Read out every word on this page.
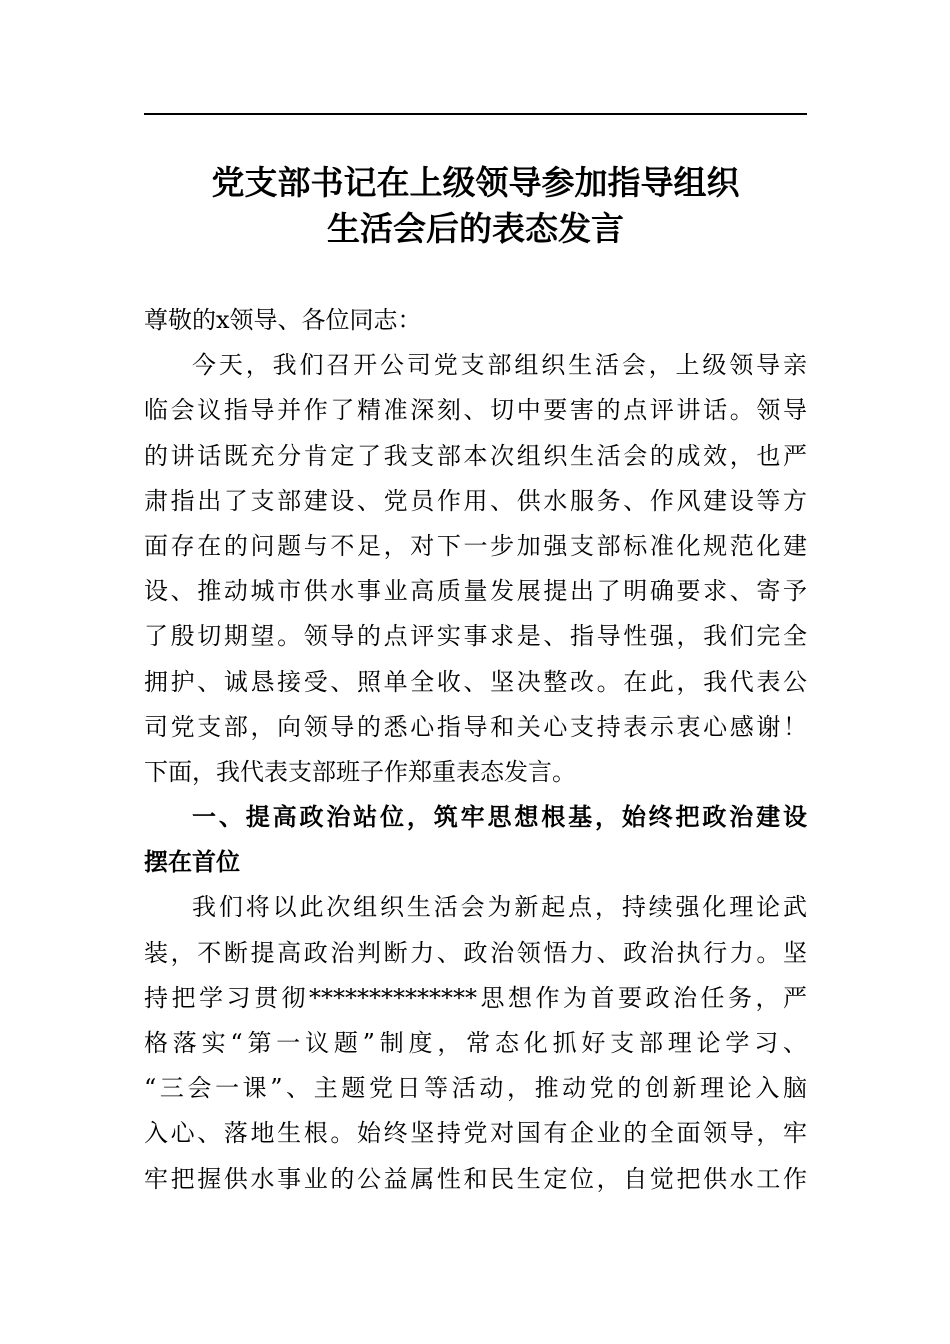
党支部书记在上级领导参加指导组织
生活会后的表态发言
尊敬的x领导、各位同志：
今天，我们召开公司党支部组织生活会，上级领导亲
临会议指导并作了精准深刻、切中要害的点评讲话。领导
的讲话既充分肯定了我支部本次组织生活会的成效，也严
肃指出了支部建设、党员作用、供水服务、作风建设等方
面存在的问题与不足，对下一步加强支部标准化规范化建
设、推动城市供水事业高质量发展提出了明确要求、寄予
了殷切期望。领导的点评实事求是、指导性强，我们完全
拥护、诚恳接受、照单全收、坚决整改。在此，我代表公
司党支部，向领导的悉心指导和关心支持表示衷心感谢！
下面，我代表支部班子作郑重表态发言。
一、提高政治站位，筑牢思想根基，始终把政治建设
摆在首位
我们将以此次组织生活会为新起点，持续强化理论武
装，不断提高政治判断力、政治领悟力、政治执行力。坚
持把学习贯彻**************思想作为首要政治任务，严
格落实“第一议题”制度，常态化抓好支部理论学习、
“三会一课”、主题党日等活动，推动党的创新理论入脑
入心、落地生根。始终坚持党对国有企业的全面领导，牢
牢把握供水事业的公益属性和民生定位，自觉把供水工作
